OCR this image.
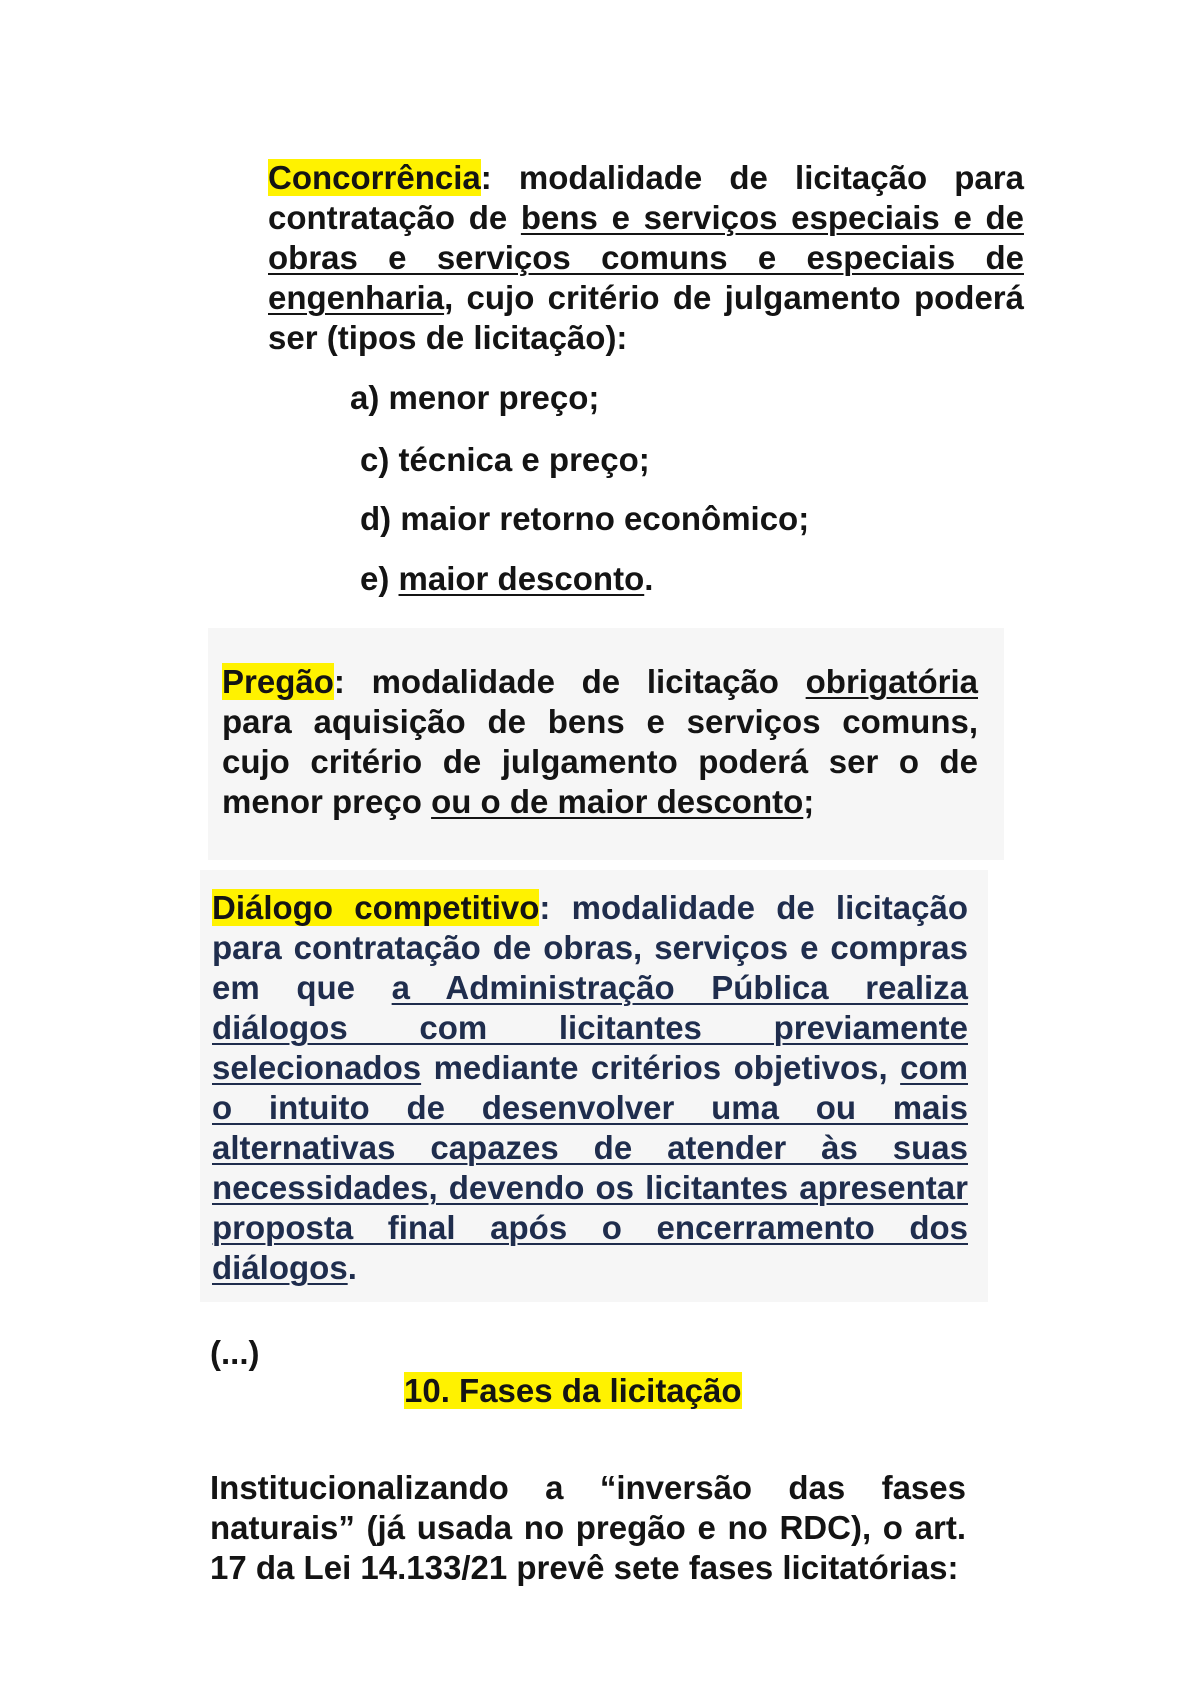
Concorrência: modalidade de licitação para contratação de bens e serviços especiais e de obras e serviços comuns e especiais de engenharia, cujo critério de julgamento poderá ser (tipos de licitação):

a) menor preço;
c) técnica e preço;
d) maior retorno econômico;
e) maior desconto.

Pregão: modalidade de licitação obrigatória para aquisição de bens e serviços comuns, cujo critério de julgamento poderá ser o de menor preço ou o de maior desconto;

Diálogo competitivo: modalidade de licitação para contratação de obras, serviços e compras em que a Administração Pública realiza diálogos com licitantes previamente selecionados mediante critérios objetivos, com o intuito de desenvolver uma ou mais alternativas capazes de atender às suas necessidades, devendo os licitantes apresentar proposta final após o encerramento dos diálogos.

(...)
10. Fases da licitação

Institucionalizando a “inversão das fases naturais” (já usada no pregão e no RDC), o art. 17 da Lei 14.133/21 prevê sete fases licitatórias:
